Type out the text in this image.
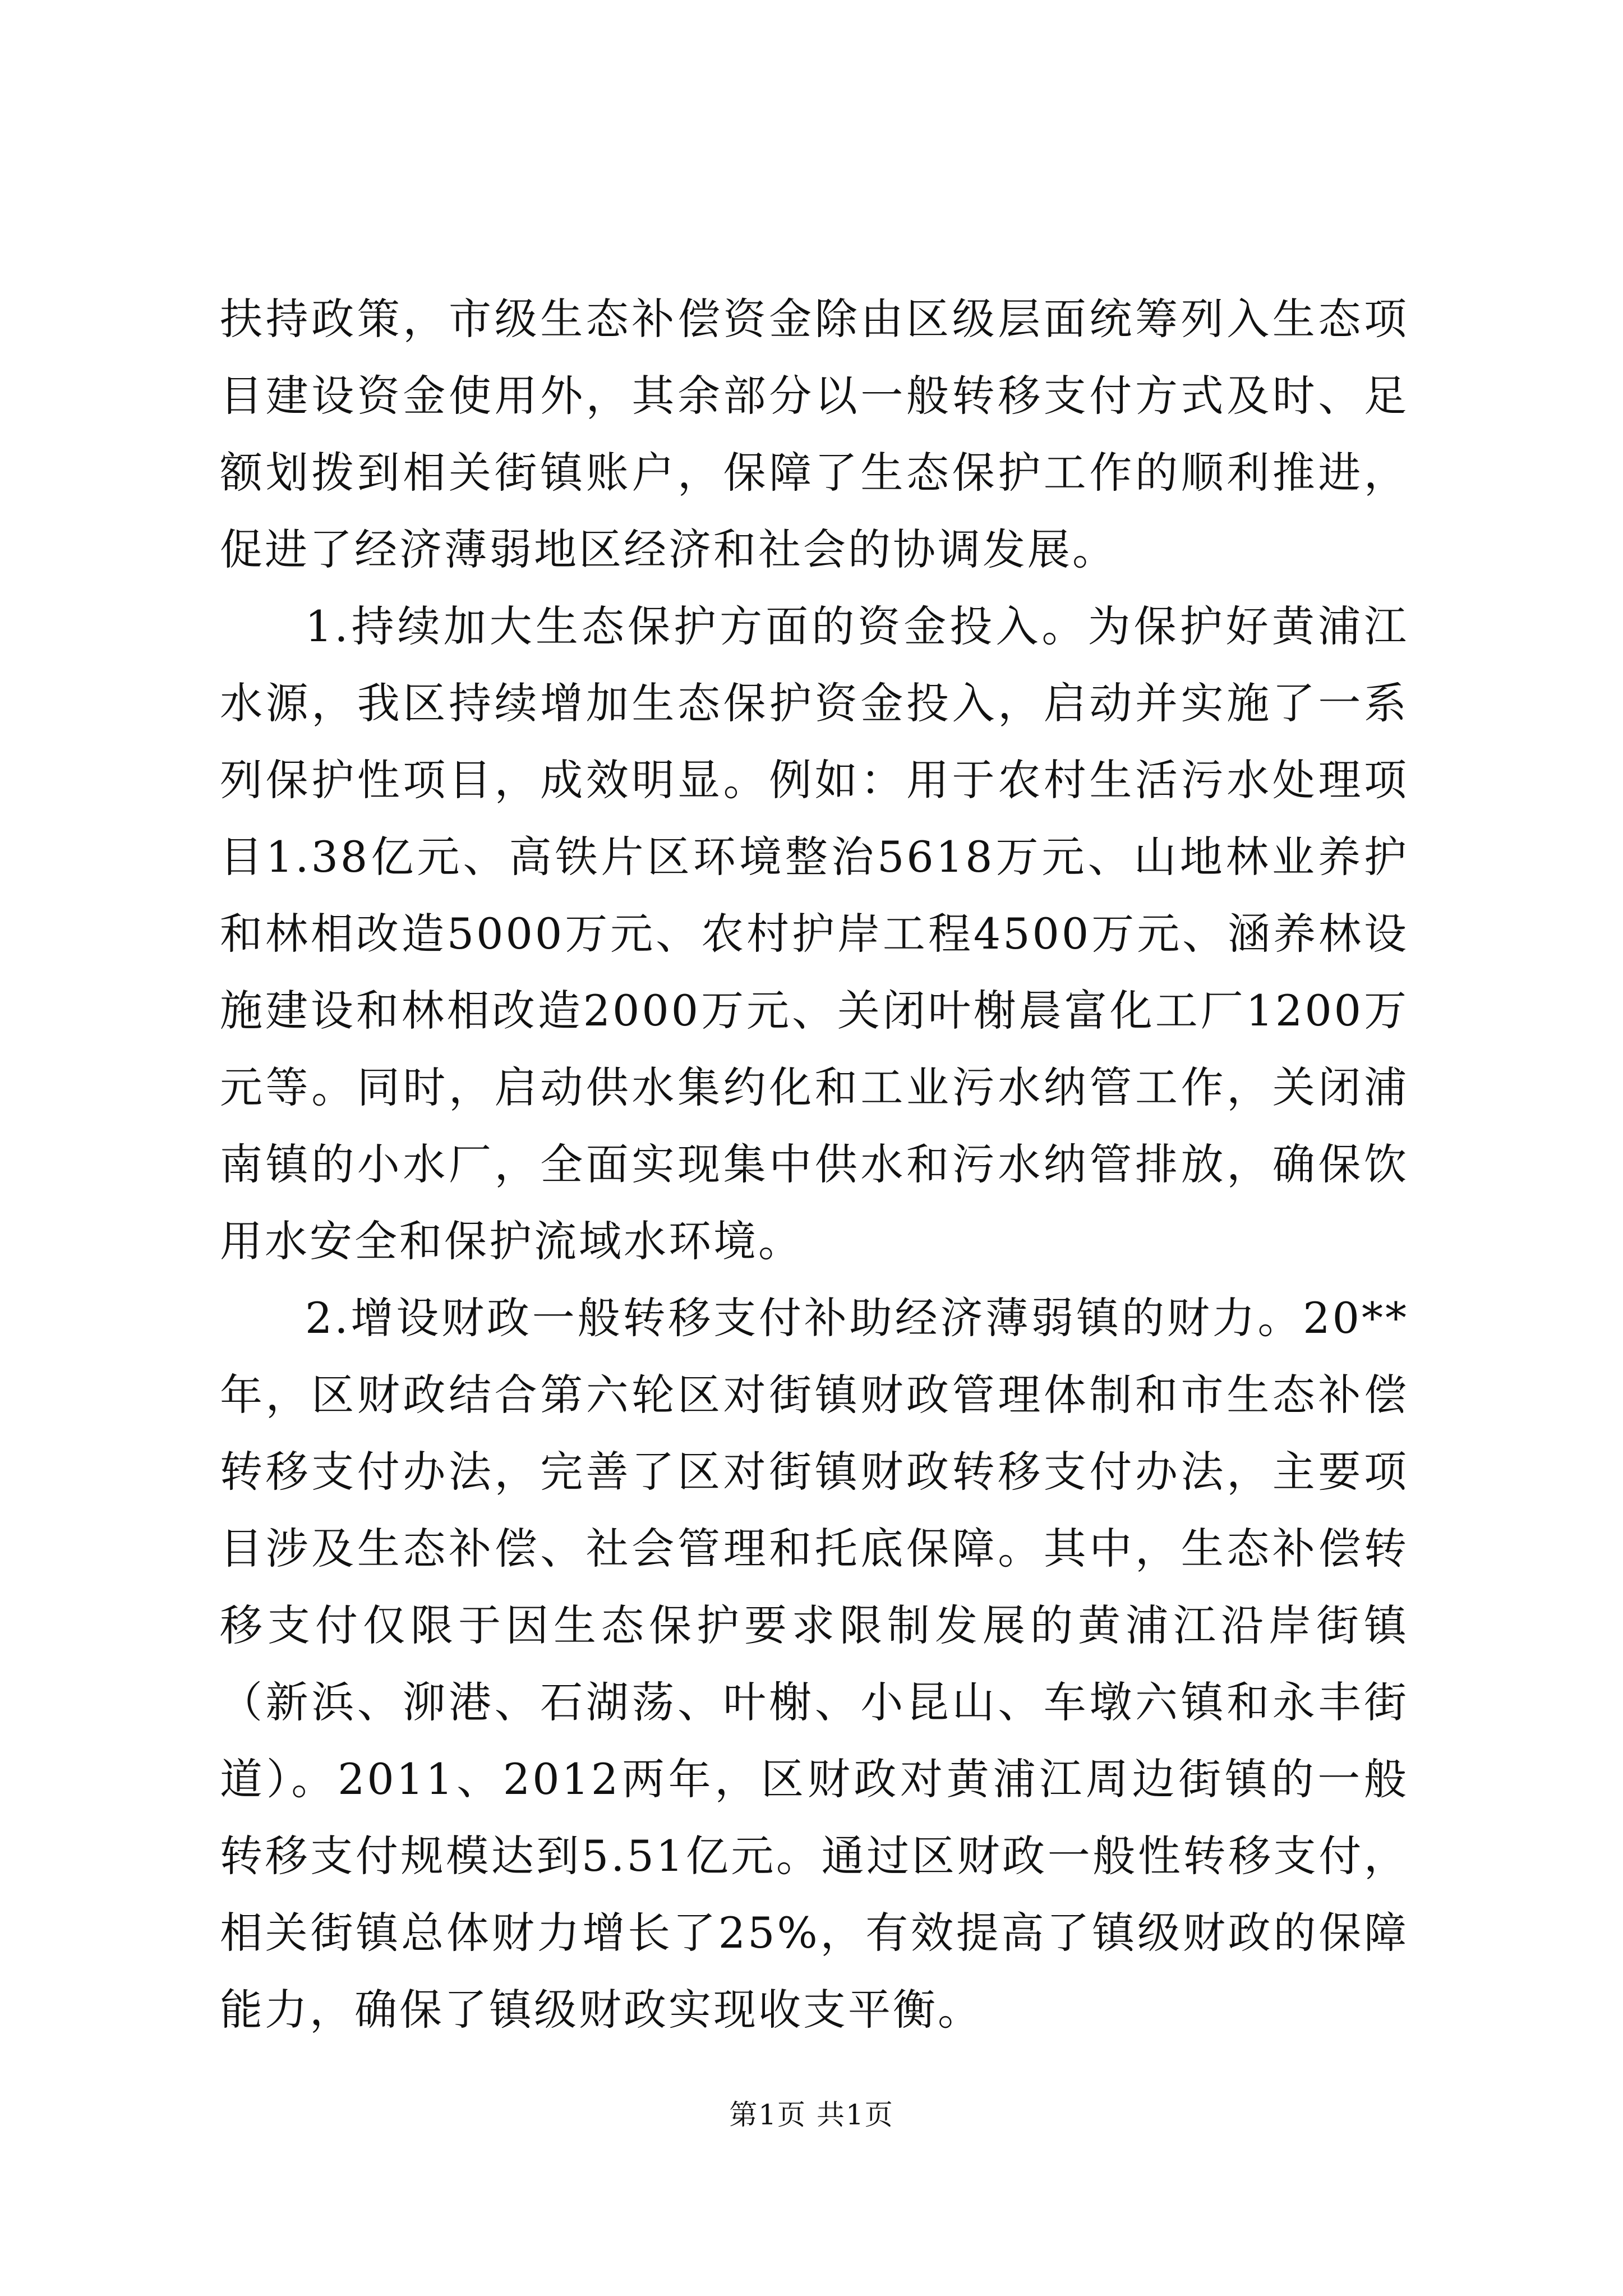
扶持政策，市级生态补偿资金除由区级层面统筹列入生态项目建设资金使用外，其余部分以一般转移支付方式及时、足额划拨到相关街镇账户，保障了生态保护工作的顺利推进，促进了经济薄弱地区经济和社会的协调发展。

1.持续加大生态保护方面的资金投入。为保护好黄浦江水源，我区持续增加生态保护资金投入，启动并实施了一系列保护性项目，成效明显。例如：用于农村生活污水处理项目1.38亿元、高铁片区环境整治5618万元、山地林业养护和林相改造5000万元、农村护岸工程4500万元、涵养林设施建设和林相改造2000万元、关闭叶榭晨富化工厂1200万元等。同时，启动供水集约化和工业污水纳管工作，关闭浦南镇的小水厂，全面实现集中供水和污水纳管排放，确保饮用水安全和保护流域水环境。

2.增设财政一般转移支付补助经济薄弱镇的财力。20**年，区财政结合第六轮区对街镇财政管理体制和市生态补偿转移支付办法，完善了区对街镇财政转移支付办法，主要项目涉及生态补偿、社会管理和托底保障。其中，生态补偿转移支付仅限于因生态保护要求限制发展的黄浦江沿岸街镇（新浜、泖港、石湖荡、叶榭、小昆山、车墩六镇和永丰街道）。2011、2012两年，区财政对黄浦江周边街镇的一般转移支付规模达到5.51亿元。通过区财政一般性转移支付，相关街镇总体财力增长了25%，有效提高了镇级财政的保障能力，确保了镇级财政实现收支平衡。

第1页 共1页
